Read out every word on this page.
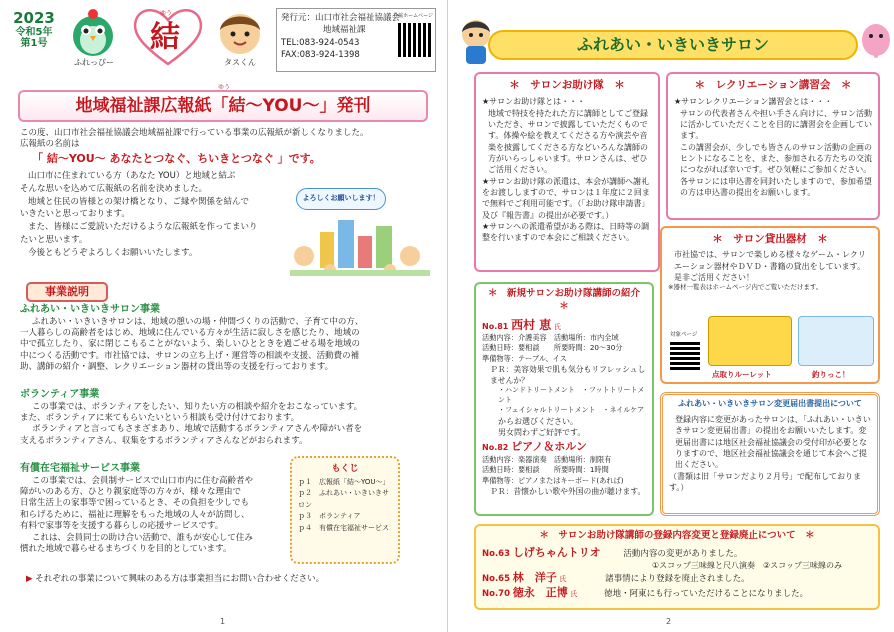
2023
令和5年
第1号
ふれっぴー
ゆう
結
タスくん
発行元：山口市社会福祉協議会
地域福祉課
TEL:083-924-0543
FAX:083-924-1398
社協ホームページ
地域福祉課広報紙「結〜YOU〜」発刊
ゆう
この度、山口市社会福祉協議会地域福祉課で行っている事業の広報紙が新しくなりました。
広報紙の名前は
「 結〜YOU〜 あなたとつなぐ、ちいきとつなぐ 」です。
山口市に住まれている方（あなた YOU）と地域と結ぶ
そんな思いを込めて広報紙の名前を決めました。
地域と住民の皆様との架け橋となり、ご縁や関係を結んで
いきたいと思っております。
また、皆様にご愛読いただけるような広報紙を作ってまいり
たいと思います。
今後ともどうぞよろしくお願いいたします。
よろしくお願いします！
事業説明
ふれあい・いきいきサロン事業
ふれあい・いきいきサロンは、地域の憩いの場・仲間づくりの活動で、子育て中の方、
一人暮らしの高齢者をはじめ、地域に住んでいる方々が生活に寂しさを感じたり、地域の
中で孤立したり、家に閉じこもることがないよう、楽しいひとときを過ごせる場を地域の
中につくる活動です。市社協では、サロンの立ち上げ・運営等の相談や支援、活動費の補
助、講師の紹介・調整、レクリエーション器材の貸出等の支援を行っております。
ボランティア事業
この事業では、ボランティアをしたい、知りたい方の相談や紹介をおこなっています。
また、ボランティアに来てもらいたいという相談も受け付けております。
ボランティアと言ってもさまざまあり、地域で活動するボランティアさんや障がい者を
支えるボランティアさん、収集をするボランティアさんなどがおられます。
有償在宅福祉サービス事業
この事業では、会員制サービスで山口市内に住む高齢者や
障がいのある方、ひとり親家庭等の方々が、様々な理由で
日常生活上の家事等で困っているとき、その負担を少しでも
和らげるために、福祉に理解をもった地域の人々が訪問し、
有料で家事等を支援する暮らしの応援サービスです。
これは、会員同士の助け合い活動で、誰もが安心して住み
慣れた地域で暮らせるまちづくりを目的としています。
もくじ
ｐ１　 広報紙「結〜YOU〜」
ｐ２　 ふれあい・いきいきサロン
ｐ３　 ボランティア
ｐ４　 有償在宅福祉サービス
▶ それぞれの事業について興味のある方は事業担当にお問い合わせください。
1
ふれあい・いきいきサロン
＊　サロンお助け隊　＊
★サロンお助け隊とは・・・
地域で特技を持たれた方に講師としてご登録いただき、サロンで披露していただくものです。体操や絵を教えてくださる方や演芸や音楽を披露してくださる方などいろんな講師の方がいらっしゃいます。サロンさんは、ぜひご活用ください。
★サロンお助け隊の派遣は、本会が講師へ謝礼をお渡ししますので、サロンは１年度に２回まで無料でご利用可能です。（「お助け隊申請書」及び『報告書』の提出が必要です。）
★サロンへの派遣希望がある際は、日時等の調整を行いますので本会にご相談ください。
＊　レクリエーション講習会　＊
★サロンレクリエーション講習会とは・・・
サロンの代表者さんや担い手さん向けに、サロン活動に活かしていただくことを目的に講習会を企画しています。
この講習会が、少しでも皆さんのサロン活動の企画のヒントになることを、また、参加される方たちの交流につながれば幸いです。ぜひ気軽にご参加ください。
各サロンには申込書を同封いたしますので、参加希望の方は申込書の提出をお願いします。
＊　サロン貸出器材　＊
市社協では、サロンで楽しめる様々なゲーム・レクリエーション器材やＤＶＤ・書籍の貸出をしています。是非ご活用ください！
※器材一覧表はホームページ内でご覧いただけます。
対象ページ
点取りルーレット	釣りっこ！
＊　新規サロンお助け隊講師の紹介　＊
No.81 西村 恵 氏
活動内容：介護美容　活動場所：市内全域
活動日時：要相談　　所要時間：20〜30分
準備物等：テーブル、イス
ＰＲ：美容効果で肌も気分もリフレッシュしませんか？
・ハンドトリートメント　・フットトリートメント
・フェイシャルトリートメント　・ネイルケア
からお選びください。
男女問わずご好評です。
No.82 ピアノ＆ホルン
活動内容：楽器演奏　活動場所：制限有
活動日時：要相談　　所要時間：1時間
準備物等：ピアノまたはキーボード(あれば)
ＰＲ：昔懐かしい歌や外国の曲が聴けます。
ふれあい・いきいきサロン変更届出書提出について
登録内容に変更があったサロンは、「ふれあい・いきいきサロン変更届出書」の提出をお願いいたします。変更届出書には地区社会福祉協議会の受付印が必要となりますので、地区社会福祉協議会を通じて本会へご提出ください。
（書類は旧「サロンだより２月号」で配布しております。）
＊　サロンお助け隊講師の登録内容変更と登録廃止について　＊
No.63 しげちゃんトリオ	活動内容の変更がありました。
①スコップ三味線と尺八演奏　②スコップ三味線のみ
No.65 林　洋子 氏	諸事情により登録を廃止されました。
No.70 徳永　正博 氏	徳地・阿東にも行っていただけることになりました。
2
